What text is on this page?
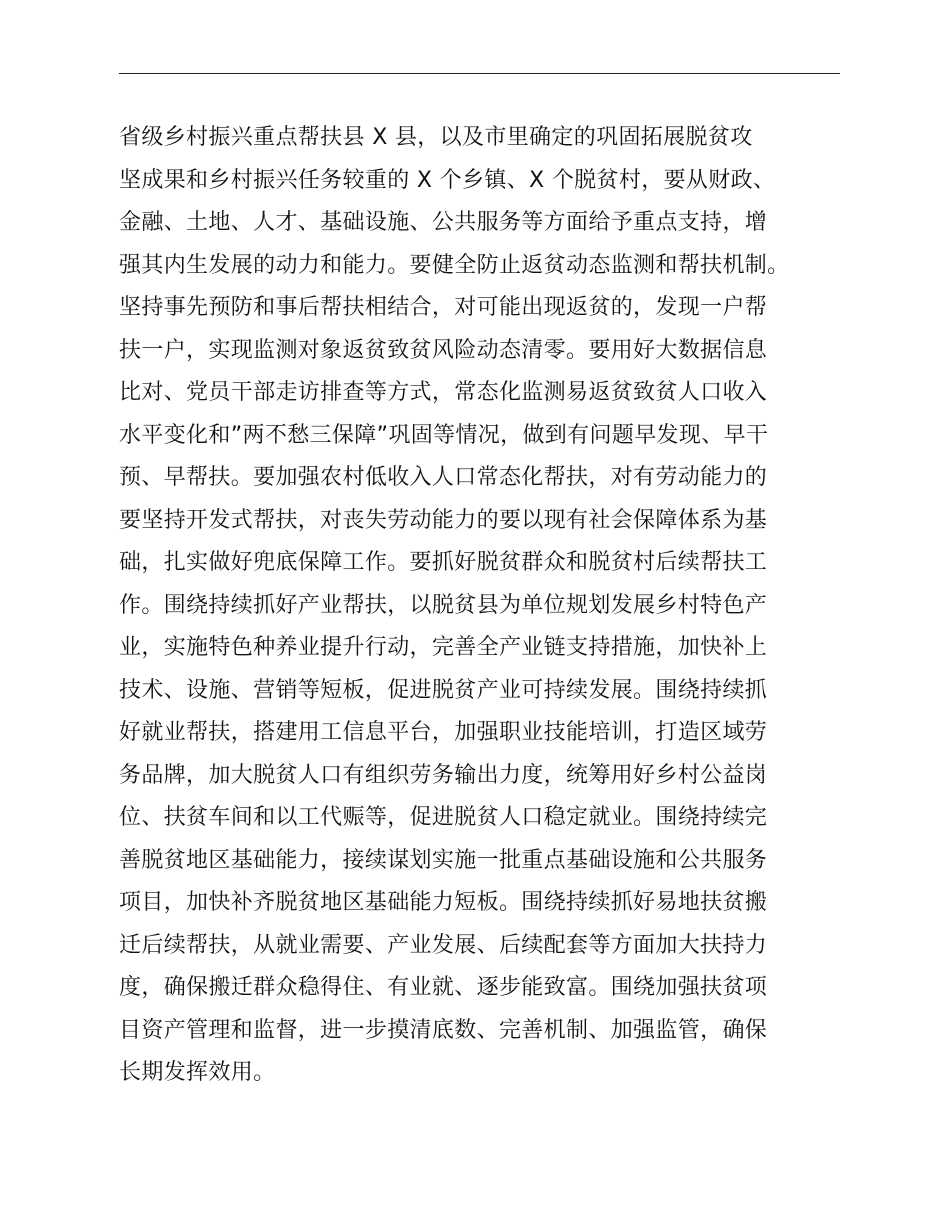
省级乡村振兴重点帮扶县 X 县，以及市里确定的巩固拓展脱贫攻
坚成果和乡村振兴任务较重的 X 个乡镇、X 个脱贫村，要从财政、
金融、土地、人才、基础设施、公共服务等方面给予重点支持，增
强其内生发展的动力和能力。要健全防止返贫动态监测和帮扶机制。
坚持事先预防和事后帮扶相结合，对可能出现返贫的，发现一户帮
扶一户，实现监测对象返贫致贫风险动态清零。要用好大数据信息
比对、党员干部走访排查等方式，常态化监测易返贫致贫人口收入
水平变化和”两不愁三保障”巩固等情况，做到有问题早发现、早干
预、早帮扶。要加强农村低收入人口常态化帮扶，对有劳动能力的
要坚持开发式帮扶，对丧失劳动能力的要以现有社会保障体系为基
础，扎实做好兜底保障工作。要抓好脱贫群众和脱贫村后续帮扶工
作。围绕持续抓好产业帮扶，以脱贫县为单位规划发展乡村特色产
业，实施特色种养业提升行动，完善全产业链支持措施，加快补上
技术、设施、营销等短板，促进脱贫产业可持续发展。围绕持续抓
好就业帮扶，搭建用工信息平台，加强职业技能培训，打造区域劳
务品牌，加大脱贫人口有组织劳务输出力度，统筹用好乡村公益岗
位、扶贫车间和以工代赈等，促进脱贫人口稳定就业。围绕持续完
善脱贫地区基础能力，接续谋划实施一批重点基础设施和公共服务
项目，加快补齐脱贫地区基础能力短板。围绕持续抓好易地扶贫搬
迁后续帮扶，从就业需要、产业发展、后续配套等方面加大扶持力
度，确保搬迁群众稳得住、有业就、逐步能致富。围绕加强扶贫项
目资产管理和监督，进一步摸清底数、完善机制、加强监管，确保
长期发挥效用。
